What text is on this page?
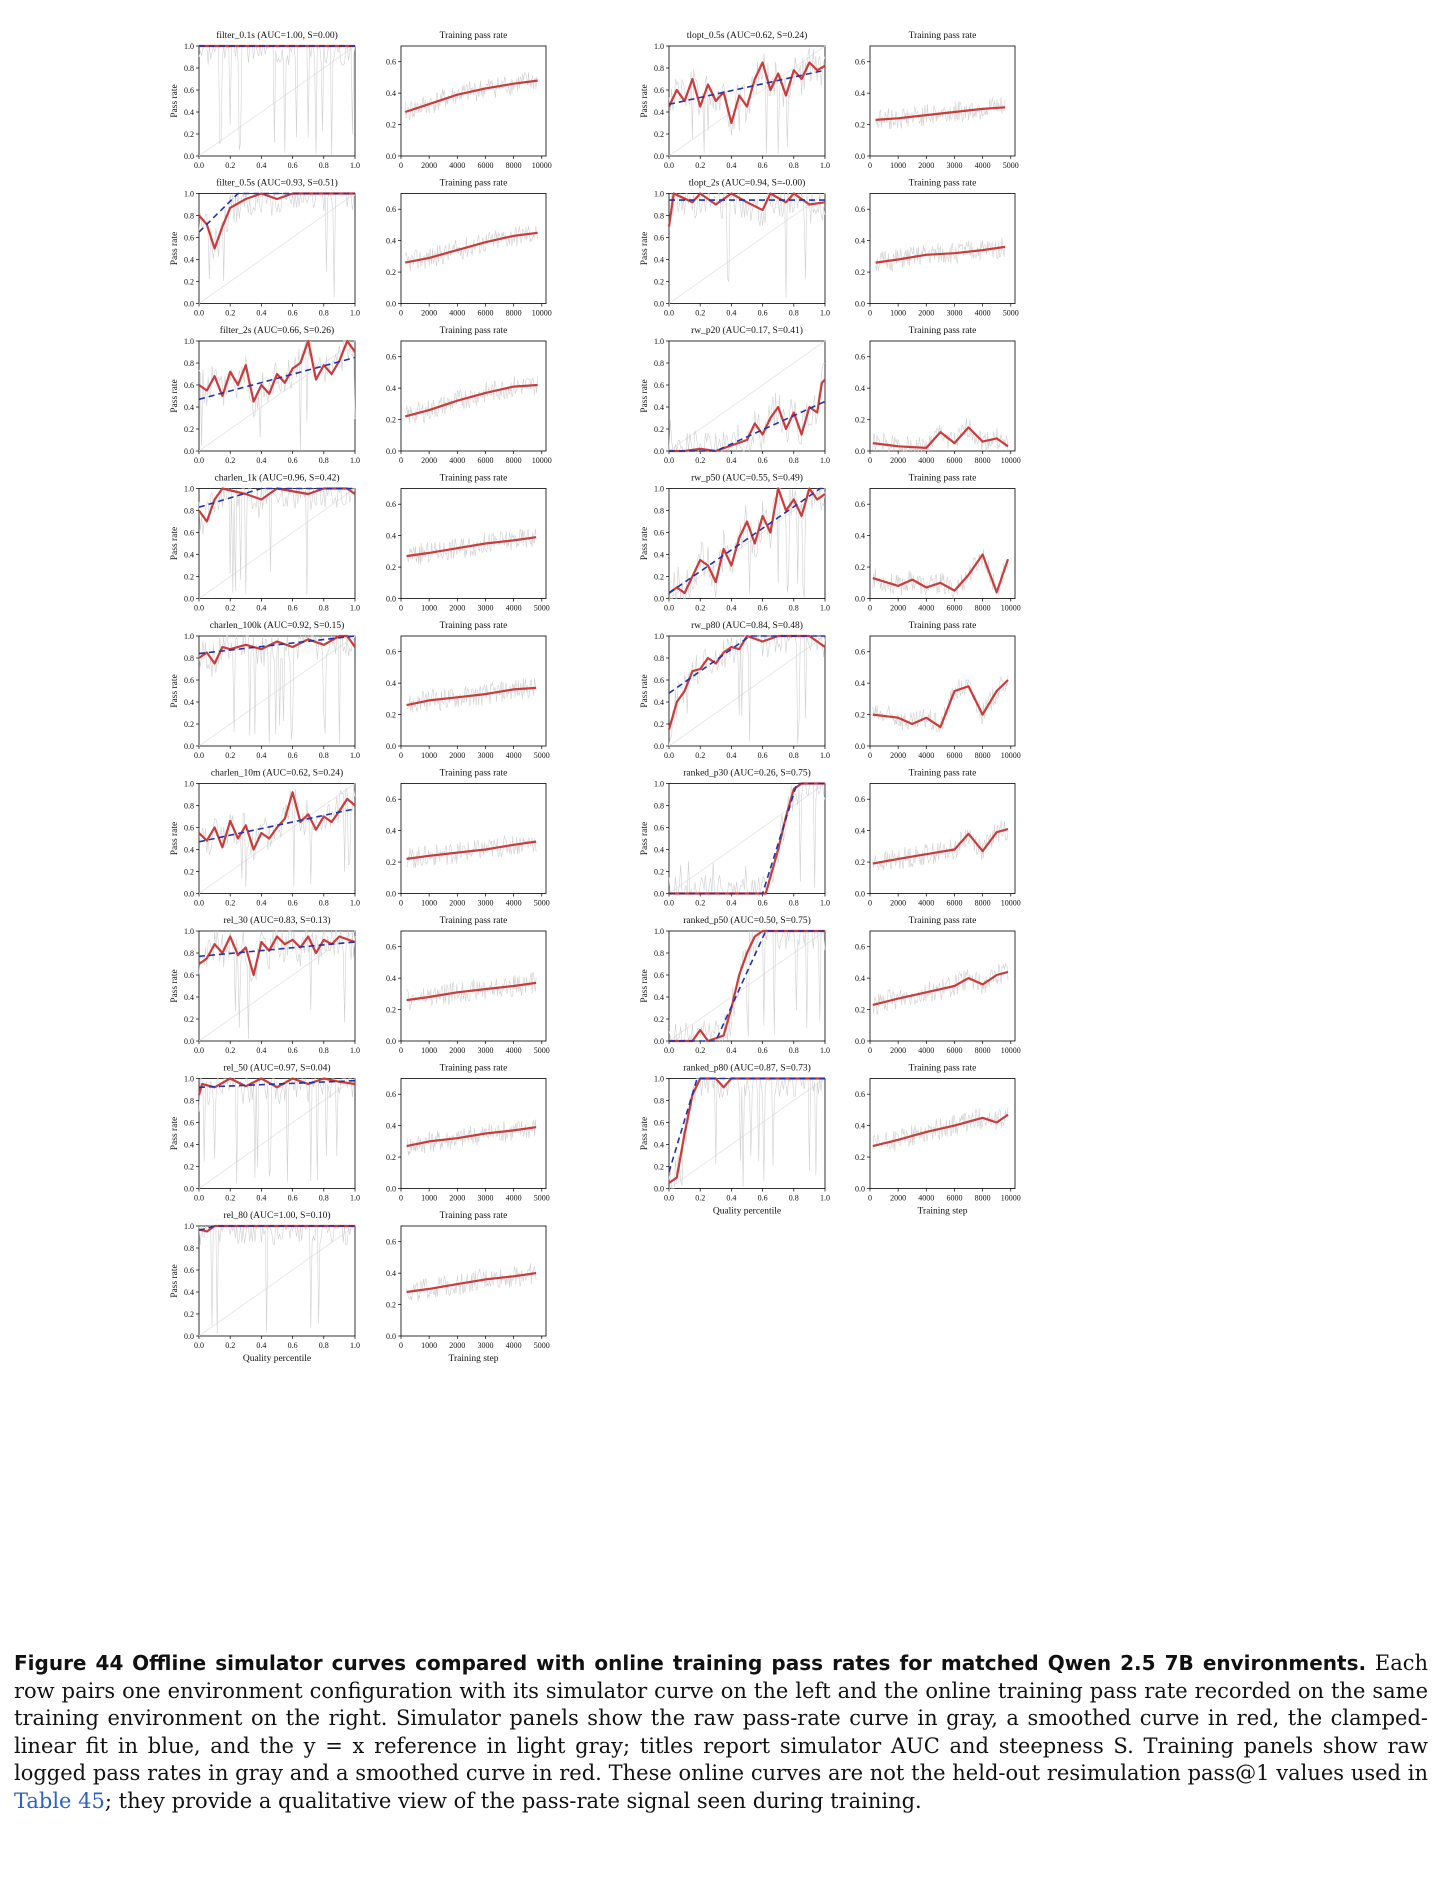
filter_0.1s (AUC=1.00, S=0.00)
Pass rate
0.0	0.2	0.4	0.6	0.8	1.0
0.0
0.2
0.4
0.6
0.8
1.0
Training pass rate
0 2000 4000 6000 8000 10000
0.0
0.2
0.4
0.6
filter_0.5s (AUC=0.93, S=0.51)
Pass rate
0.0	0.2	0.4	0.6	0.8	1.0
0.0
0.2
0.4
0.6
0.8
1.0
Training pass rate
0 2000 4000 6000 8000 10000
0.0
0.2
0.4
0.6
filter_2s (AUC=0.66, S=0.26)
Pass rate
0.0	0.2	0.4	0.6	0.8	1.0
0.0
0.2
0.4
0.6
0.8
1.0
Training pass rate
0 2000 4000 6000 8000 10000
0.0
0.2
0.4
0.6
charlen_1k (AUC=0.96, S=0.42)
Pass rate
0.0	0.2	0.4	0.6	0.8	1.0
0.0
0.2
0.4
0.6
0.8
1.0
Training pass rate
0 1000 2000 3000 4000 5000
0.0
0.2
0.4
0.6
charlen_100k (AUC=0.92, S=0.15)
Pass rate
0.0	0.2	0.4	0.6	0.8	1.0
0.0
0.2
0.4
0.6
0.8
1.0
Training pass rate
0 1000 2000 3000 4000 5000
0.0
0.2
0.4
0.6
charlen_10m (AUC=0.62, S=0.24)
Pass rate
0.0	0.2	0.4	0.6	0.8	1.0
0.0
0.2
0.4
0.6
0.8
1.0
Training pass rate
0 1000 2000 3000 4000 5000
0.0
0.2
0.4
0.6
rel_30 (AUC=0.83, S=0.13)
Pass rate
0.0	0.2	0.4	0.6	0.8	1.0
0.0
0.2
0.4
0.6
0.8
1.0
Training pass rate
0 1000 2000 3000 4000 5000
0.0
0.2
0.4
0.6
rel_50 (AUC=0.97, S=0.04)
Pass rate
0.0	0.2	0.4	0.6	0.8	1.0
0.0
0.2
0.4
0.6
0.8
1.0
Training pass rate
0 1000 2000 3000 4000 5000
0.0
0.2
0.4
0.6
rel_80 (AUC=1.00, S=0.10)
Pass rate
0.0	0.2	0.4	0.6	0.8	1.0
0.0
0.2
0.4
0.6
0.8
1.0
Quality percentile
Training pass rate
0 1000 2000 3000 4000 5000
0.0
0.2
0.4
0.6
Training step
tlopt_0.5s (AUC=0.62, S=0.24)
Pass rate
0.0	0.2	0.4	0.6	0.8	1.0
0.0
0.2
0.4
0.6
0.8
1.0
Training pass rate
0 1000 2000 3000 4000 5000
0.0
0.2
0.4
0.6
tlopt_2s (AUC=0.94, S=-0.00)
Pass rate
0.0	0.2	0.4	0.6	0.8	1.0
0.0
0.2
0.4
0.6
0.8
1.0
Training pass rate
0 1000 2000 3000 4000 5000
0.0
0.2
0.4
0.6
rw_p20 (AUC=0.17, S=0.41)
Pass rate
0.0	0.2	0.4	0.6	0.8	1.0
0.0
0.2
0.4
0.6
0.8
1.0
Training pass rate
0 2000 4000 6000 8000 10000
0.0
0.2
0.4
0.6
rw_p50 (AUC=0.55, S=0.49)
Pass rate
0.0	0.2	0.4	0.6	0.8	1.0
0.0
0.2
0.4
0.6
0.8
1.0
Training pass rate
0 2000 4000 6000 8000 10000
0.0
0.2
0.4
0.6
rw_p80 (AUC=0.84, S=0.48)
Pass rate
0.0	0.2	0.4	0.6	0.8	1.0
0.0
0.2
0.4
0.6
0.8
1.0
Training pass rate
0 2000 4000 6000 8000 10000
0.0
0.2
0.4
0.6
ranked_p30 (AUC=0.26, S=0.75)
Pass rate
0.0	0.2	0.4	0.6	0.8	1.0
0.0
0.2
0.4
0.6
0.8
1.0
Training pass rate
0 2000 4000 6000 8000 10000
0.0
0.2
0.4
0.6
ranked_p50 (AUC=0.50, S=0.75)
Pass rate
0.0	0.2	0.4	0.6	0.8	1.0
0.0
0.2
0.4
0.6
0.8
1.0
Training pass rate
0 2000 4000 6000 8000 10000
0.0
0.2
0.4
0.6
ranked_p80 (AUC=0.87, S=0.73)
Pass rate
0.0	0.2	0.4	0.6	0.8	1.0
0.0
0.2
0.4
0.6
0.8
1.0
Quality percentile
Training pass rate
0 2000 4000 6000 8000 10000
0.0
0.2
0.4
0.6
Training step

Figure 44 Offline simulator curves compared with online training pass rates for matched Qwen 2.5 7B environments. Each row pairs one environment configuration with its simulator curve on the left and the online training pass rate recorded on the same training environment on the right. Simulator panels show the raw pass-rate curve in gray, a smoothed curve in red, the clamped-linear fit in blue, and the y = x reference in light gray; titles report simulator AUC and steepness S. Training panels show raw logged pass rates in gray and a smoothed curve in red. These online curves are not the held-out resimulation pass@1 values used in Table 45; they provide a qualitative view of the pass-rate signal seen during training.
